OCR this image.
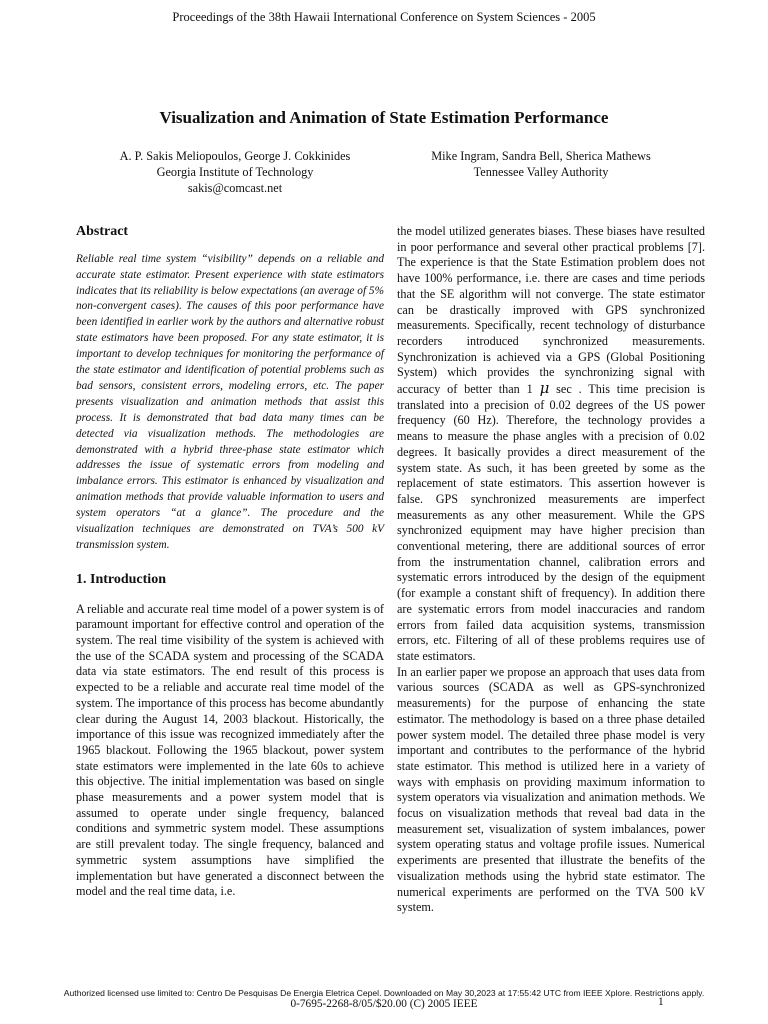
Proceedings of the 38th Hawaii International Conference on System Sciences - 2005
Visualization and Animation of State Estimation Performance
A. P. Sakis Meliopoulos, George J. Cokkinides
Georgia Institute of Technology
sakis@comcast.net
Mike Ingram, Sandra Bell, Sherica Mathews
Tennessee Valley Authority
Abstract

Reliable real time system “visibility” depends on a reliable and accurate state estimator. Present experience with state estimators indicates that its reliability is below expectations (an average of 5% non-convergent cases). The causes of this poor performance have been identified in earlier work by the authors and alternative robust state estimators have been proposed. For any state estimator, it is important to develop techniques for monitoring the performance of the state estimator and identification of potential problems such as bad sensors, consistent errors, modeling errors, etc. The paper presents visualization and animation methods that assist this process. It is demonstrated that bad data many times can be detected via visualization methods. The methodologies are demonstrated with a hybrid three-phase state estimator which addresses the issue of systematic errors from modeling and imbalance errors. This estimator is enhanced by visualization and animation methods that provide valuable information to users and system operators “at a glance”. The procedure and the visualization techniques are demonstrated on TVA’s 500 kV transmission system.

1. Introduction

A reliable and accurate real time model of a power system is of paramount important for effective control and operation of the system. The real time visibility of the system is achieved with the use of the SCADA system and processing of the SCADA data via state estimators. The end result of this process is expected to be a reliable and accurate real time model of the system. The importance of this process has become abundantly clear during the August 14, 2003 blackout. Historically, the importance of this issue was recognized immediately after the 1965 blackout. Following the 1965 blackout, power system state estimators were implemented in the late 60s to achieve this objective. The initial implementation was based on single phase measurements and a power system model that is assumed to operate under single frequency, balanced conditions and symmetric system model. These assumptions are still prevalent today. The single frequency, balanced and symmetric system assumptions have simplified the implementation but have generated a disconnect between the model and the real time data, i.e.

the model utilized generates biases. These biases have resulted in poor performance and several other practical problems [7]. The experience is that the State Estimation problem does not have 100% performance, i.e. there are cases and time periods that the SE algorithm will not converge. The state estimator can be drastically improved with GPS synchronized measurements. Specifically, recent technology of disturbance recorders introduced synchronized measurements. Synchronization is achieved via a GPS (Global Positioning System) which provides the synchronizing signal with accuracy of better than 1 μ sec . This time precision is translated into a precision of 0.02 degrees of the US power frequency (60 Hz). Therefore, the technology provides a means to measure the phase angles with a precision of 0.02 degrees. It basically provides a direct measurement of the system state. As such, it has been greeted by some as the replacement of state estimators. This assertion however is false. GPS synchronized measurements are imperfect measurements as any other measurement. While the GPS synchronized equipment may have higher precision than conventional metering, there are additional sources of error from the instrumentation channel, calibration errors and systematic errors introduced by the design of the equipment (for example a constant shift of frequency). In addition there are systematic errors from model inaccuracies and random errors from failed data acquisition systems, transmission errors, etc. Filtering of all of these problems requires use of state estimators.

In an earlier paper we propose an approach that uses data from various sources (SCADA as well as GPS-synchronized measurements) for the purpose of enhancing the state estimator. The methodology is based on a three phase detailed power system model. The detailed three phase model is very important and contributes to the performance of the hybrid state estimator. This method is utilized here in a variety of ways with emphasis on providing maximum information to system operators via visualization and animation methods. We focus on visualization methods that reveal bad data in the measurement set, visualization of system imbalances, power system operating status and voltage profile issues. Numerical experiments are presented that illustrate the benefits of the visualization methods using the hybrid state estimator. The numerical experiments are performed on the TVA 500 kV system.

Authorized licensed use limited to: Centro De Pesquisas De Energia Eletrica Cepel. Downloaded on May 30,2023 at 17:55:42 UTC from IEEE Xplore. Restrictions apply.
0-7695-2268-8/05/$20.00 (C) 2005 IEEE	1
